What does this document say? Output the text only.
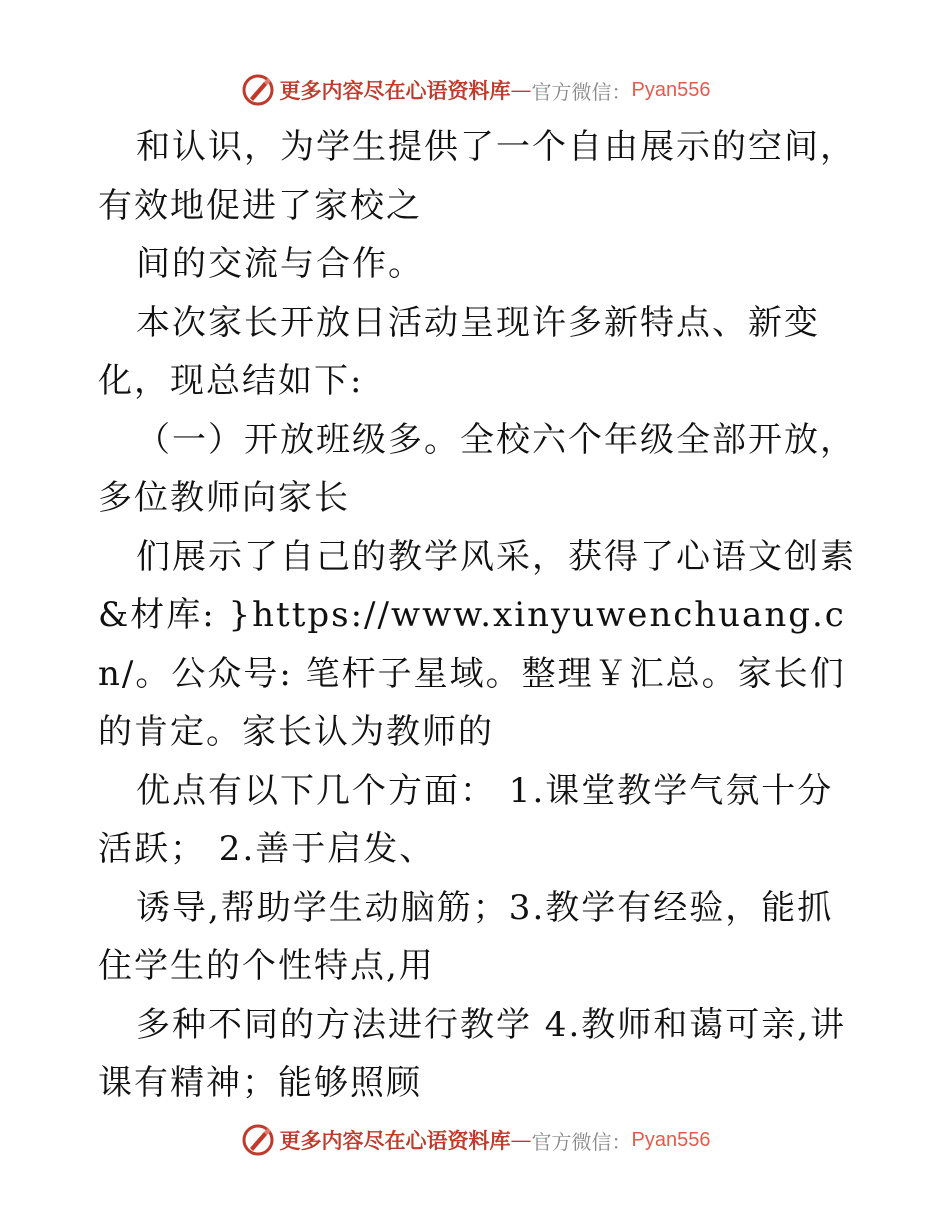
更多内容尽在心语资料库 — 官方微信： Pyan556

和认识，为学生提供了一个自由展示的空间，有效地促进了家校之

间的交流与合作。

本次家长开放日活动呈现许多新特点、新变化，现总结如下:

（一）开放班级多。全校六个年级全部开放，多位教师向家长

们展示了自己的教学风采，获得了心语文创素&材库: }https://www.xinyuwenchuang.cn/。公众号: 笔杆子星域。整理￥汇总。家长们的肯定。家长认为教师的

优点有以下几个方面： 1.课堂教学气氛十分活跃； 2.善于启发、

诱导,帮助学生动脑筋；3.教学有经验，能抓住学生的个性特点,用

多种不同的方法进行教学 4.教师和蔼可亲,讲课有精神；能够照顾

更多内容尽在心语资料库 — 官方微信： Pyan556
